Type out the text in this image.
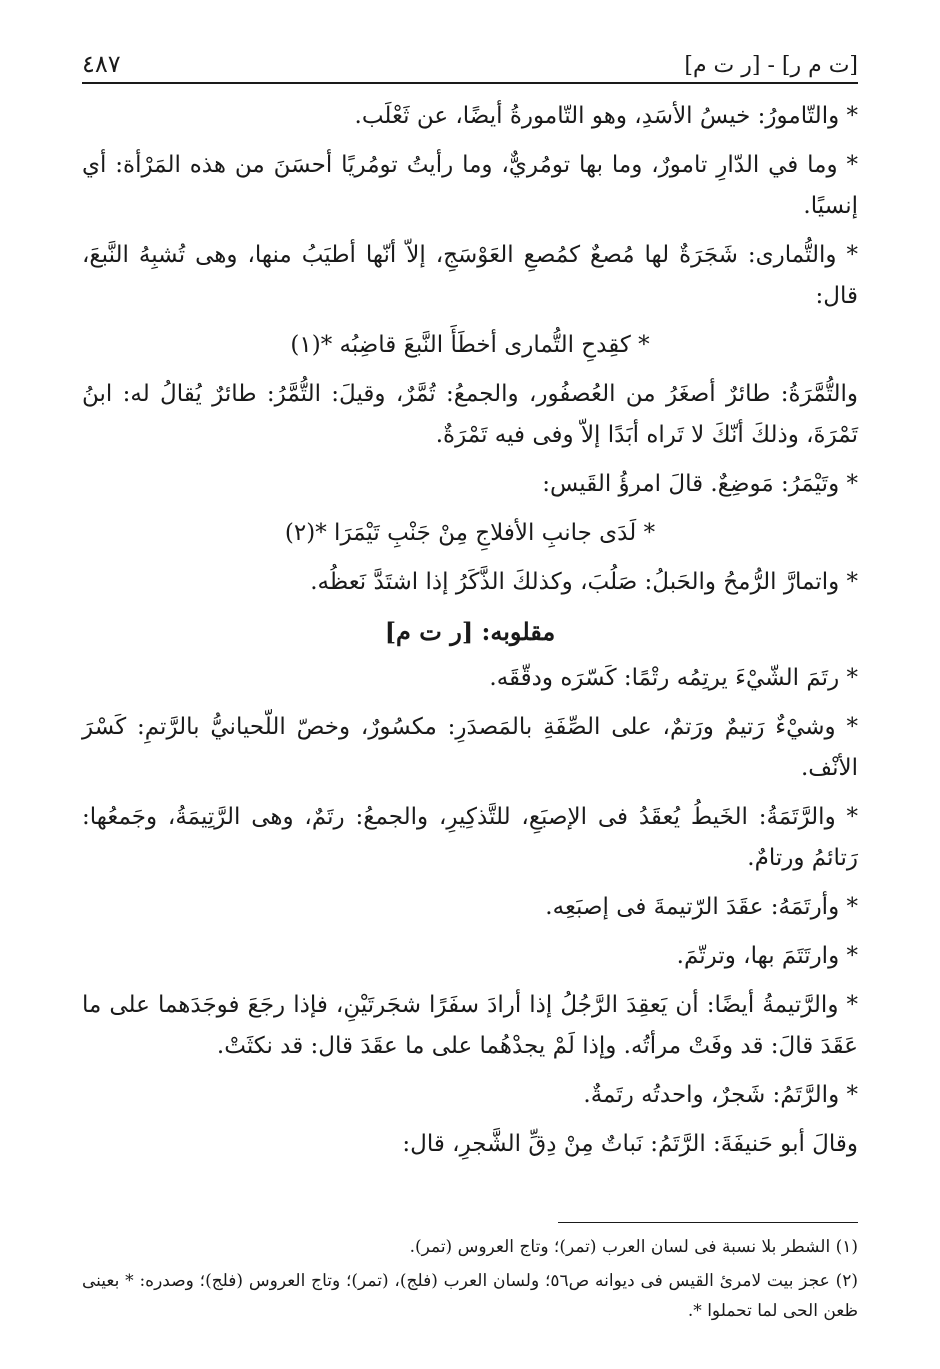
[ت م ر] - [ر ت م]
٤٨٧

* والتّامورُ: خيسُ الأسَدِ، وهو التّامورةُ أيضًا، عن ثَعْلَب.

* وما في الدّارِ تامورٌ، وما بها تومُريٌّ، وما رأيتُ تومُريًا أحسَنَ من هذه المَرْأة: أي إنسيًا.

* والتُّمارى: شَجَرَةٌ لها مُصعٌ كمُصعِ العَوْسَجِ، إلاّ أنّها أطيَبُ منها، وهى تُشبِهُ النَّبعَ، قال:

* كقِدحِ التُّمارى أخطَأَ النَّبعَ قاضِبُه *(١)

والتُّمَّرَةُ: طائرٌ أصغَرُ من العُصفُور، والجمعُ: تُمَّرٌ، وقيلَ: التُّمَّرُ: طائرٌ يُقالُ له: ابنُ تَمْرَةَ، وذلكَ أنّكَ لا تَراه أبَدًا إلاّ وفى فيه تَمْرَةٌ.

* وتَيْمَرُ: مَوضِعٌ. قالَ امرؤُ القَيس:

* لَدَى جانبِ الأفلاجِ مِنْ جَنْبِ تَيْمَرَا *(٢)

* واتمارَّ الرُّمحُ والحَبلُ: صَلُبَ، وكذلكَ الذَّكَرُ إذا اشتَدَّ نَعظُه.

مقلوبه: [ر ت م]

* رتَمَ الشّيْءَ يرتِمُه رتْمًا: كَسّرَه ودقّقَه.

* وشيْءٌ رَتيمٌ ورَتمٌ، على الصِّفَةِ بالمَصدَرِ: مكسُورٌ، وخصّ اللّحيانيُّ بالرَّتمِ: كَسْرَ الأنْف.

* والرَّتَمَةُ: الخَيطُ يُعقَدُ فى الإصبَعِ، للتَّذكِيرِ، والجمعُ: رتَمٌ، وهى الرَّتِيمَةُ، وجَمعُها: رَتائمُ ورتامٌ.

* وأرتَمَهُ: عقَدَ الرّتيمةَ فى إصبَعِه.

* وارتَتَمَ بها، وترتّمَ.

* والرَّتيمةُ أيضًا: أن يَعقِدَ الرَّجُلُ إذا أرادَ سفَرًا شجَرتَيْنِ، فإذا رجَعَ فوجَدَهما على ما عَقَدَ قالَ: قد وفَتْ مرأتُه. وإذا لَمْ يجدْهُما على ما عقَدَ قال: قد نكثَتْ.

* والرَّتَمُ: شَجرٌ، واحدتُه رتَمةٌ.

وقالَ أبو حَنيفَةَ: الرَّتَمُ: نَباتٌ مِنْ دِقِّ الشَّجرِ، قال:

(١) الشطر بلا نسبة فى لسان العرب (تمر)؛ وتاج العروس (تمر).

(٢) عجز بيت لامرئ القيس فى ديوانه ص٥٦؛ ولسان العرب (فلج)، (تمر)؛ وتاج العروس (فلج)؛ وصدره: * بعينى ظعن الحى لما تحملوا *.
